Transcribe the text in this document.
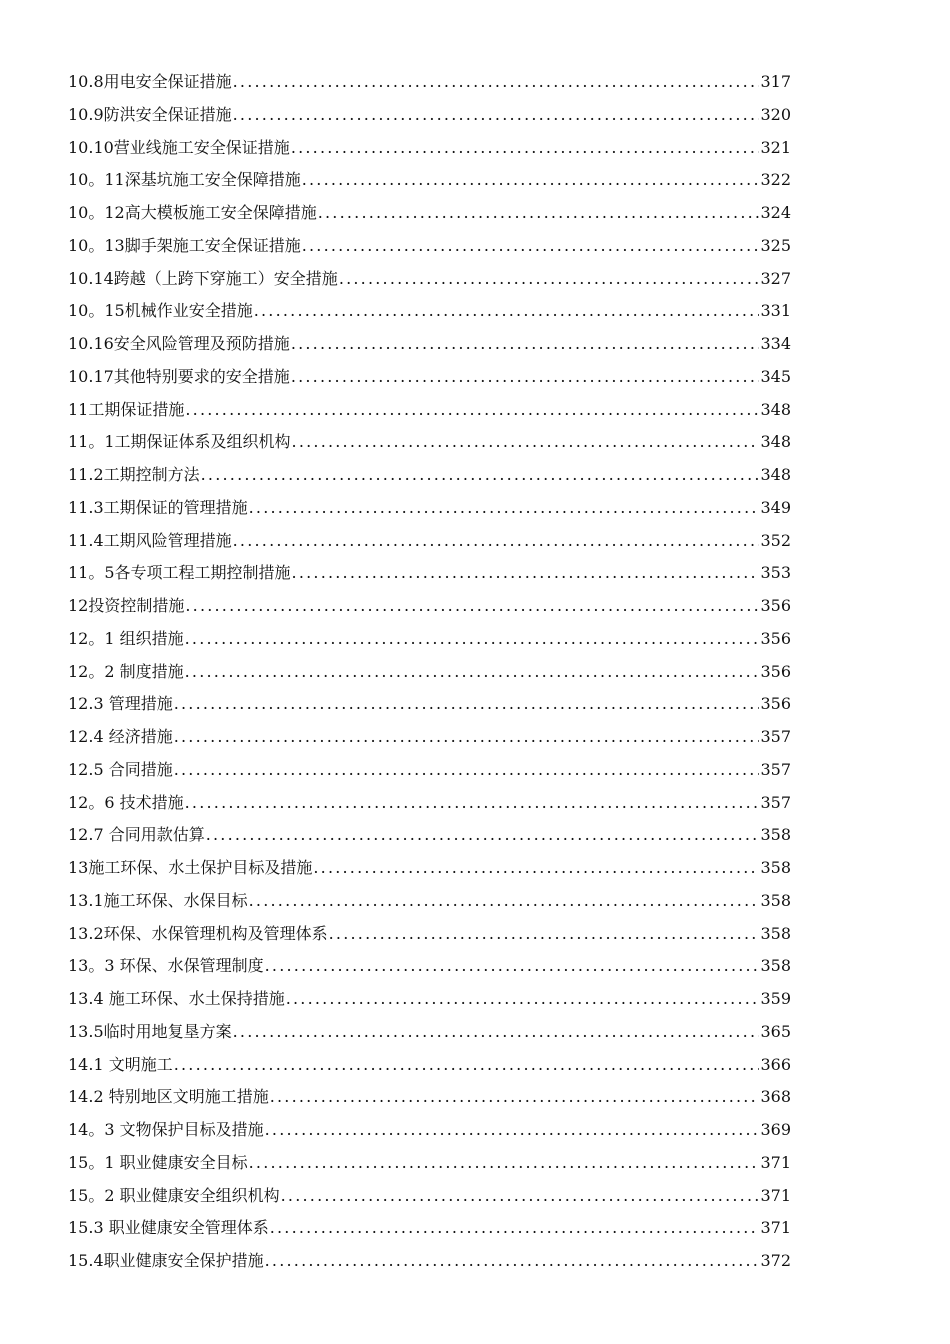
10.8用电安全保证措施 .....	317
10.9防洪安全保证措施 .....	320
10.10营业线施工安全保证措施 .....	321
10。11深基坑施工安全保障措施 .....	322
10。12高大模板施工安全保障措施 .....	324
10。13脚手架施工安全保证措施 .....	325
10.14跨越（上跨下穿施工）安全措施 .....	327
10。15机械作业安全措施 .....	331
10.16安全风险管理及预防措施 .....	334
10.17其他特别要求的安全措施 .....	345
11工期保证措施 .....	348
11。1工期保证体系及组织机构 .....	348
11.2工期控制方法 .....	348
11.3工期保证的管理措施 .....	349
11.4工期风险管理措施 .....	352
11。5各专项工程工期控制措施 .....	353
12投资控制措施 .....	356
12。1 组织措施 .....	356
12。2 制度措施 .....	356
12.3 管理措施 .....	356
12.4 经济措施 .....	357
12.5 合同措施 .....	357
12。6 技术措施 .....	357
12.7 合同用款估算 .....	358
13施工环保、水土保护目标及措施 .....	358
13.1施工环保、水保目标 .....	358
13.2环保、水保管理机构及管理体系 .....	358
13。3 环保、水保管理制度 .....	358
13.4 施工环保、水土保持措施 .....	359
13.5临时用地复垦方案 .....	365
14.1 文明施工 .....	366
14.2 特别地区文明施工措施 .....	368
14。3 文物保护目标及措施 .....	369
15。1 职业健康安全目标 .....	371
15。2 职业健康安全组织机构 .....	371
15.3 职业健康安全管理体系 .....	371
15.4职业健康安全保护措施 .....	372
